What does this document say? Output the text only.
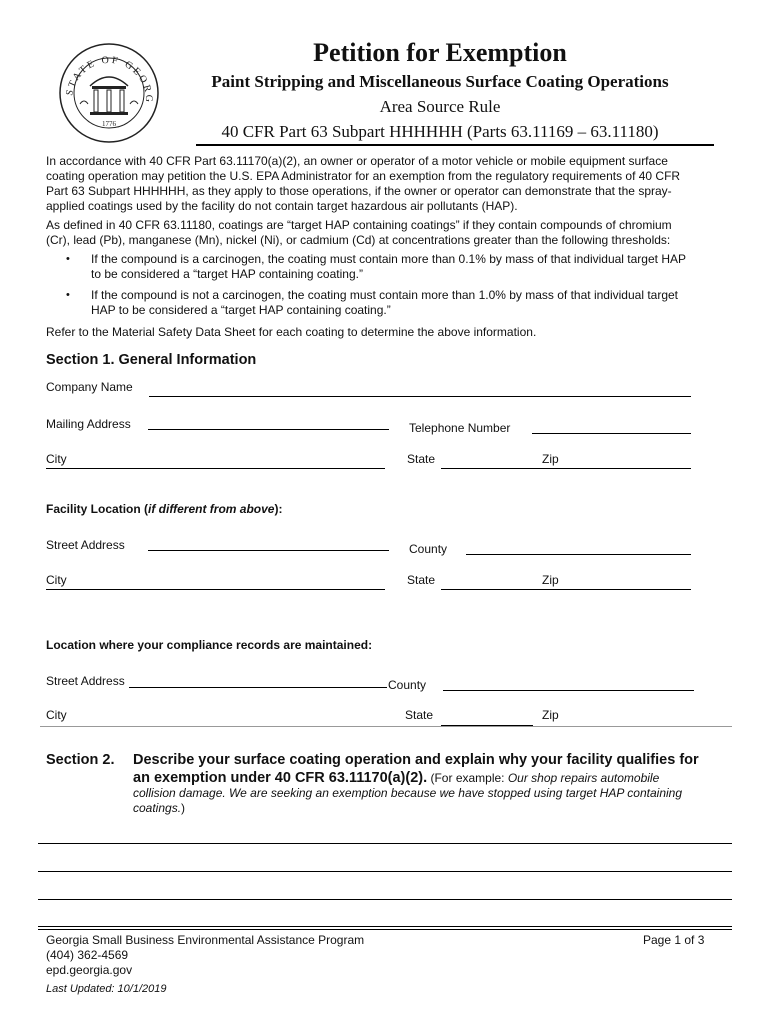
STATE OF GEORG
1776
Petition for Exemption
Paint Stripping and Miscellaneous Surface Coating Operations
Area Source Rule
40 CFR Part 63 Subpart HHHHHH (Parts 63.11169 – 63.11180)
In accordance with 40 CFR Part 63.11170(a)(2), an owner or operator of a motor vehicle or mobile equipment surface
coating operation may petition the U.S. EPA Administrator for an exemption from the regulatory requirements of 40 CFR
Part 63 Subpart HHHHHH, as they apply to those operations, if the owner or operator can demonstrate that the spray-
applied coatings used by the facility do not contain target hazardous air pollutants (HAP).
As defined in 40 CFR 63.11180, coatings are “target HAP containing coatings” if they contain compounds of chromium
(Cr), lead (Pb), manganese (Mn), nickel (Ni), or cadmium (Cd) at concentrations greater than the following thresholds:
• If the compound is a carcinogen, the coating must contain more than 0.1% by mass of that individual target HAP
to be considered a “target HAP containing coating.”
• If the compound is not a carcinogen, the coating must contain more than 1.0% by mass of that individual target
HAP to be considered a “target HAP containing coating.”
Refer to the Material Safety Data Sheet for each coating to determine the above information.
Section 1. General Information
Company Name
Mailing Address	Telephone Number
City	State	Zip
Facility Location (if different from above):
Street Address	County
City	State	Zip
Location where your compliance records are maintained:
Street Address	County
City	State	Zip
Section 2. Describe your surface coating operation and explain why your facility qualifies for
an exemption under 40 CFR 63.11170(a)(2). (For example: Our shop repairs automobile
collision damage. We are seeking an exemption because we have stopped using target HAP containing
coatings.)
Georgia Small Business Environmental Assistance Program
(404) 362-4569
epd.georgia.gov
Last Updated: 10/1/2019
Page 1 of 3
